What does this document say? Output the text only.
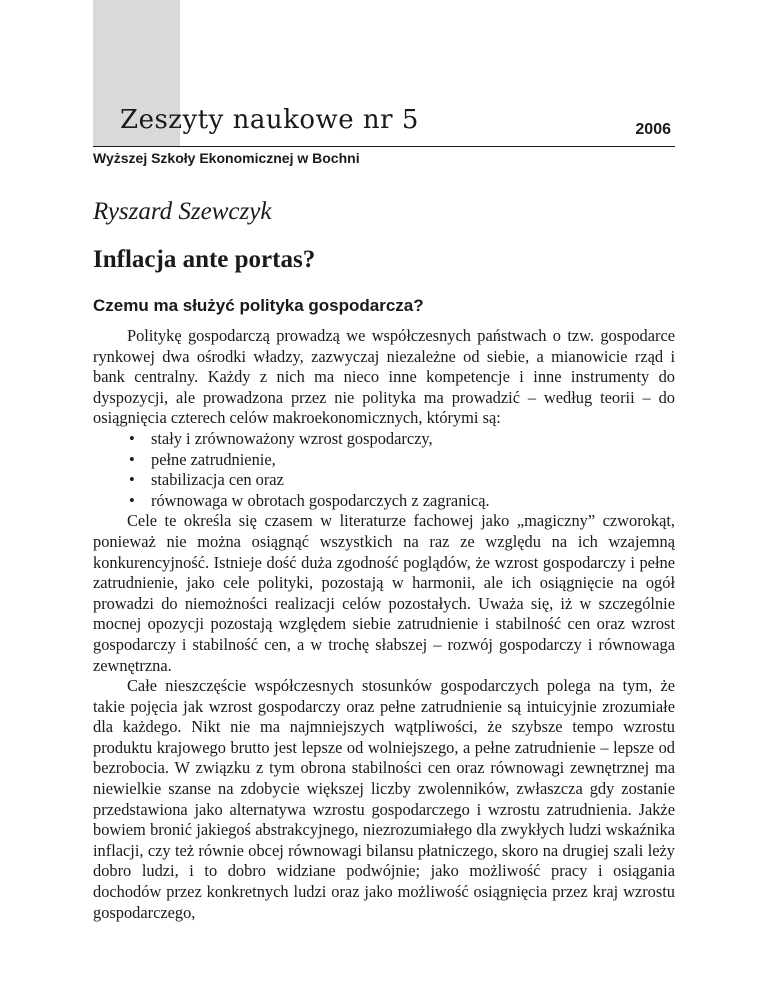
Zeszyty naukowe nr 5	2006
Wyższej Szkoły Ekonomicznej w Bochni
Ryszard Szewczyk
Inflacja ante portas?
Czemu ma służyć polityka gospodarcza?

Politykę gospodarczą prowadzą we współczesnych państwach o tzw. gospodarce rynkowej dwa ośrodki władzy, zazwyczaj niezależne od siebie, a mianowicie rząd i bank centralny. Każdy z nich ma nieco inne kompetencje i inne instrumenty do dyspozycji, ale prowadzona przez nie polityka ma prowadzić – według teorii – do osiągnięcia czterech celów makroekonomicznych, którymi są:

• stały i zrównoważony wzrost gospodarczy,
• pełne zatrudnienie,
• stabilizacja cen oraz
• równowaga w obrotach gospodarczych z zagranicą.

Cele te określa się czasem w literaturze fachowej jako „magiczny” czworokąt, ponieważ nie można osiągnąć wszystkich na raz ze względu na ich wzajemną konkurencyjność. Istnieje dość duża zgodność poglądów, że wzrost gospodarczy i pełne zatrudnienie, jako cele polityki, pozostają w harmonii, ale ich osiągnięcie na ogół prowadzi do niemożności realizacji celów pozostałych. Uważa się, iż w szczególnie mocnej opozycji pozostają względem siebie zatrudnienie i stabilność cen oraz wzrost gospodarczy i stabilność cen, a w trochę słabszej – rozwój gospodarczy i równowaga zewnętrzna.

Całe nieszczęście współczesnych stosunków gospodarczych polega na tym, że takie pojęcia jak wzrost gospodarczy oraz pełne zatrudnienie są intuicyjnie zrozumiałe dla każdego. Nikt nie ma najmniejszych wątpliwości, że szybsze tempo wzrostu produktu krajowego brutto jest lepsze od wolniejszego, a pełne zatrudnienie – lepsze od bezrobocia. W związku z tym obrona stabilności cen oraz równowagi zewnętrznej ma niewielkie szanse na zdobycie większej liczby zwolenników, zwłaszcza gdy zostanie przedstawiona jako alternatywa wzrostu gospodarczego i wzrostu zatrudnienia. Jakże bowiem bronić jakiegoś abstrakcyjnego, niezrozumiałego dla zwykłych ludzi wskaźnika inflacji, czy też równie obcej równowagi bilansu płatniczego, skoro na drugiej szali leży dobro ludzi, i to dobro widziane podwójnie; jako możliwość pracy i osiągania dochodów przez konkretnych ludzi oraz jako możliwość osiągnięcia przez kraj wzrostu gospodarczego,
